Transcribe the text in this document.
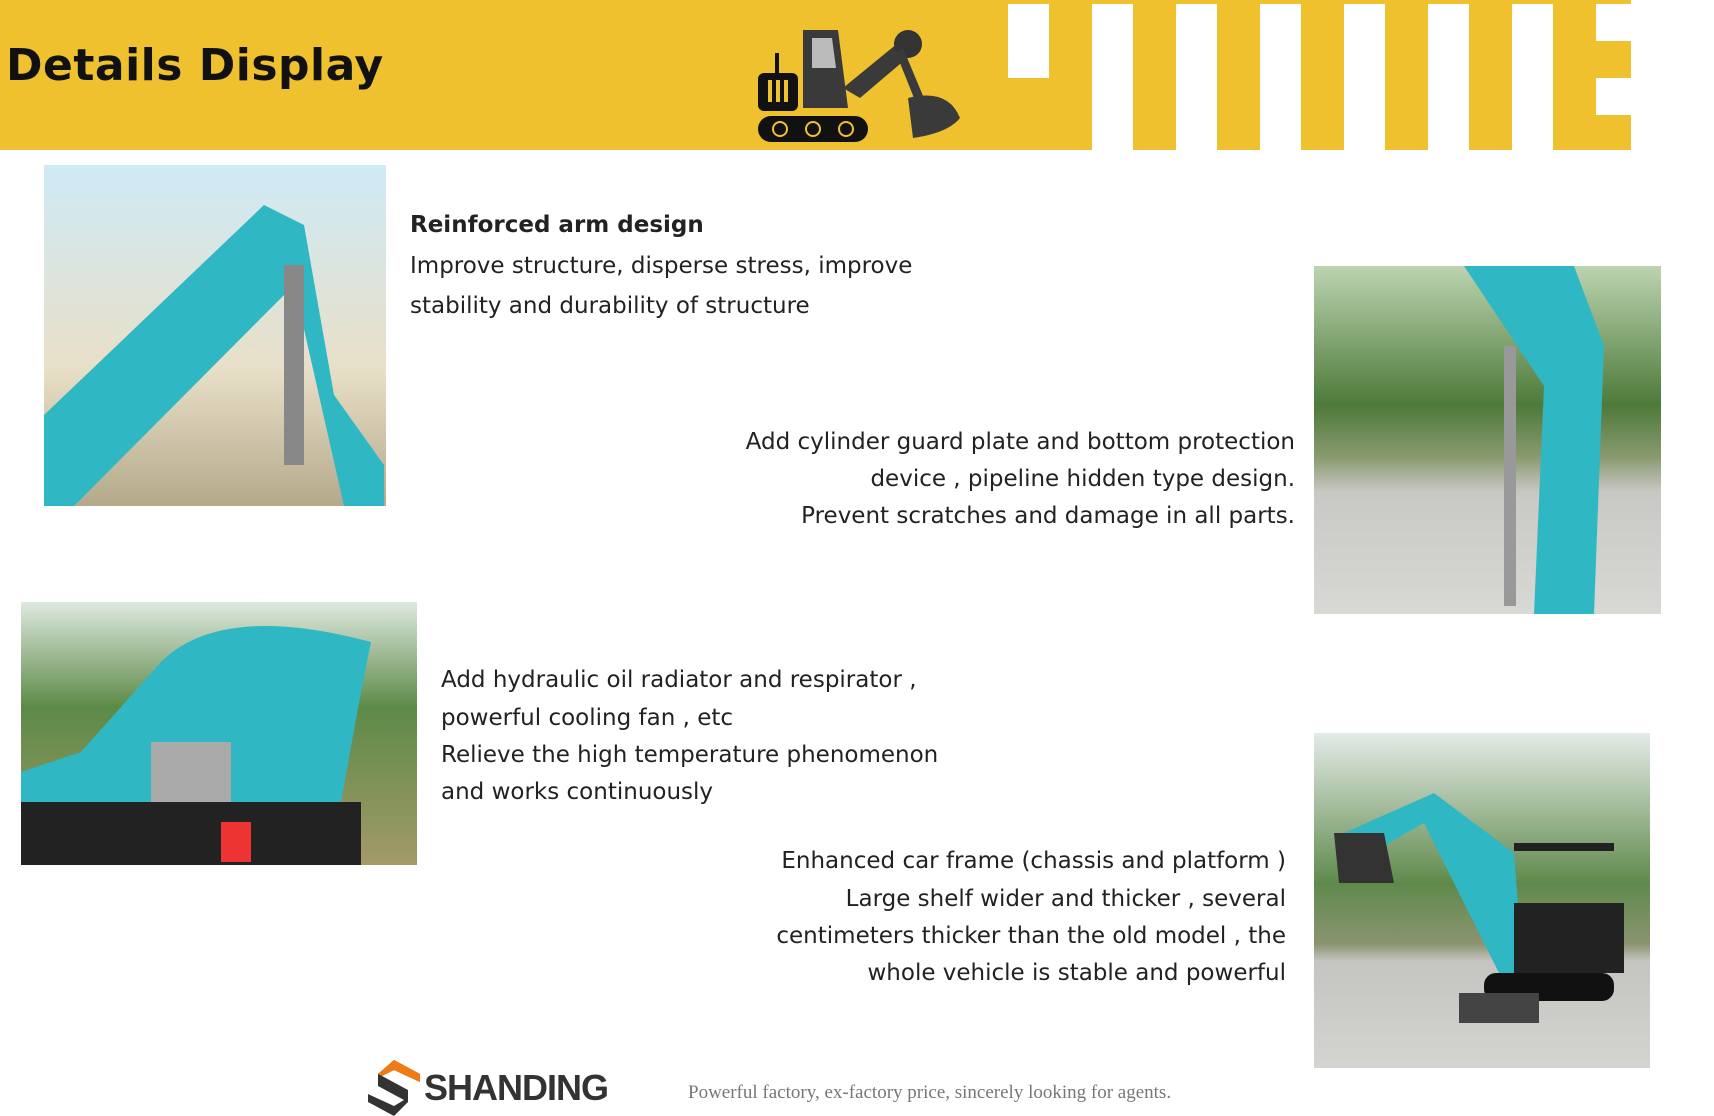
Details Display
Reinforced arm design
Improve structure, disperse stress, improve
stability and durability of structure
Add cylinder guard plate and bottom protection
device , pipeline hidden type design.
Prevent scratches and damage in all parts.
Add hydraulic oil radiator and respirator ,
powerful cooling fan , etc
Relieve the high temperature phenomenon
and works continuously
Enhanced car frame (chassis and platform )
Large shelf wider and thicker , several
centimeters thicker than the old model , the
whole vehicle is stable and powerful
SHANDING	Powerful factory, ex-factory price, sincerely looking for agents.
